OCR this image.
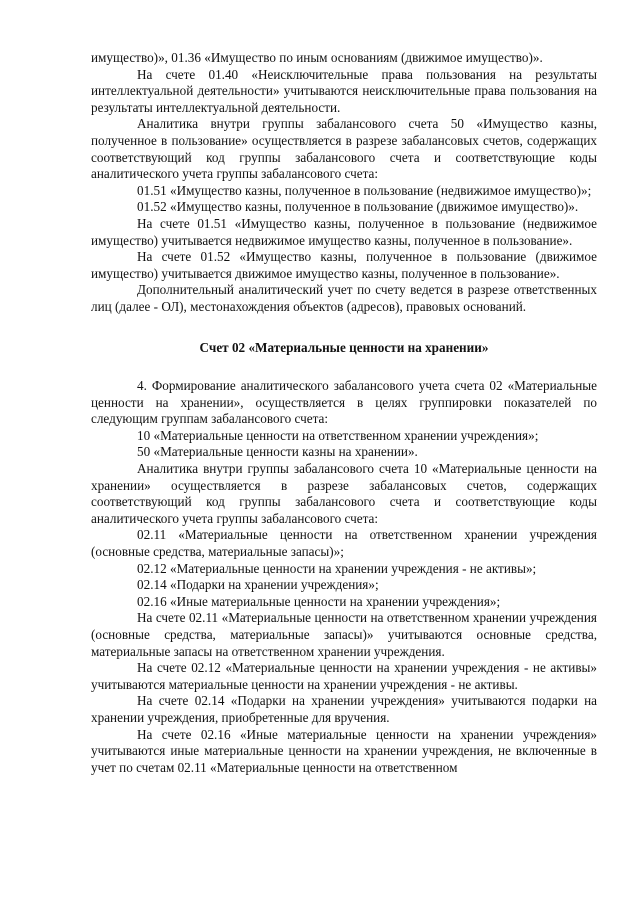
имущество)», 01.36 «Имущество по иным основаниям (движимое имущество)».

На счете 01.40 «Неисключительные права пользования на результаты интеллектуальной деятельности» учитываются неисключительные права пользования на результаты интеллектуальной деятельности.

Аналитика внутри группы забалансового счета 50 «Имущество казны, полученное в пользование» осуществляется в разрезе забалансовых счетов, содержащих соответствующий код группы забалансового счета и соответствующие коды аналитического учета группы забалансового счета:

01.51 «Имущество казны, полученное в пользование (недвижимое имущество)»;

01.52 «Имущество казны, полученное в пользование (движимое имущество)».

На счете 01.51 «Имущество казны, полученное в пользование (недвижимое имущество) учитывается недвижимое имущество казны, полученное в пользование».

На счете 01.52 «Имущество казны, полученное в пользование (движимое имущество) учитывается движимое имущество казны, полученное в пользование».

Дополнительный аналитический учет по счету ведется в разрезе ответственных лиц (далее - ОЛ), местонахождения объектов (адресов), правовых оснований.

Счет 02 «Материальные ценности на хранении»

4. Формирование аналитического забалансового учета счета 02 «Материальные ценности на хранении», осуществляется в целях группировки показателей по следующим группам забалансового счета:

10 «Материальные ценности на ответственном хранении учреждения»;

50 «Материальные ценности казны на хранении».

Аналитика внутри группы забалансового счета 10 «Материальные ценности на хранении» осуществляется в разрезе забалансовых счетов, содержащих соответствующий код группы забалансового счета и соответствующие коды аналитического учета группы забалансового счета:

02.11 «Материальные ценности на ответственном хранении учреждения (основные средства, материальные запасы)»;

02.12 «Материальные ценности на хранении учреждения - не активы»;

02.14 «Подарки на хранении учреждения»;

02.16 «Иные материальные ценности на хранении учреждения»;

На счете 02.11 «Материальные ценности на ответственном хранении учреждения (основные средства, материальные запасы)» учитываются основные средства, материальные запасы на ответственном хранении учреждения.

На счете 02.12 «Материальные ценности на хранении учреждения - не активы» учитываются материальные ценности на хранении учреждения - не активы.

На счете 02.14 «Подарки на хранении учреждения» учитываются подарки на хранении учреждения, приобретенные для вручения.

На счете 02.16 «Иные материальные ценности на хранении учреждения» учитываются иные материальные ценности на хранении учреждения, не включенные в учет по счетам 02.11 «Материальные ценности на ответственном
